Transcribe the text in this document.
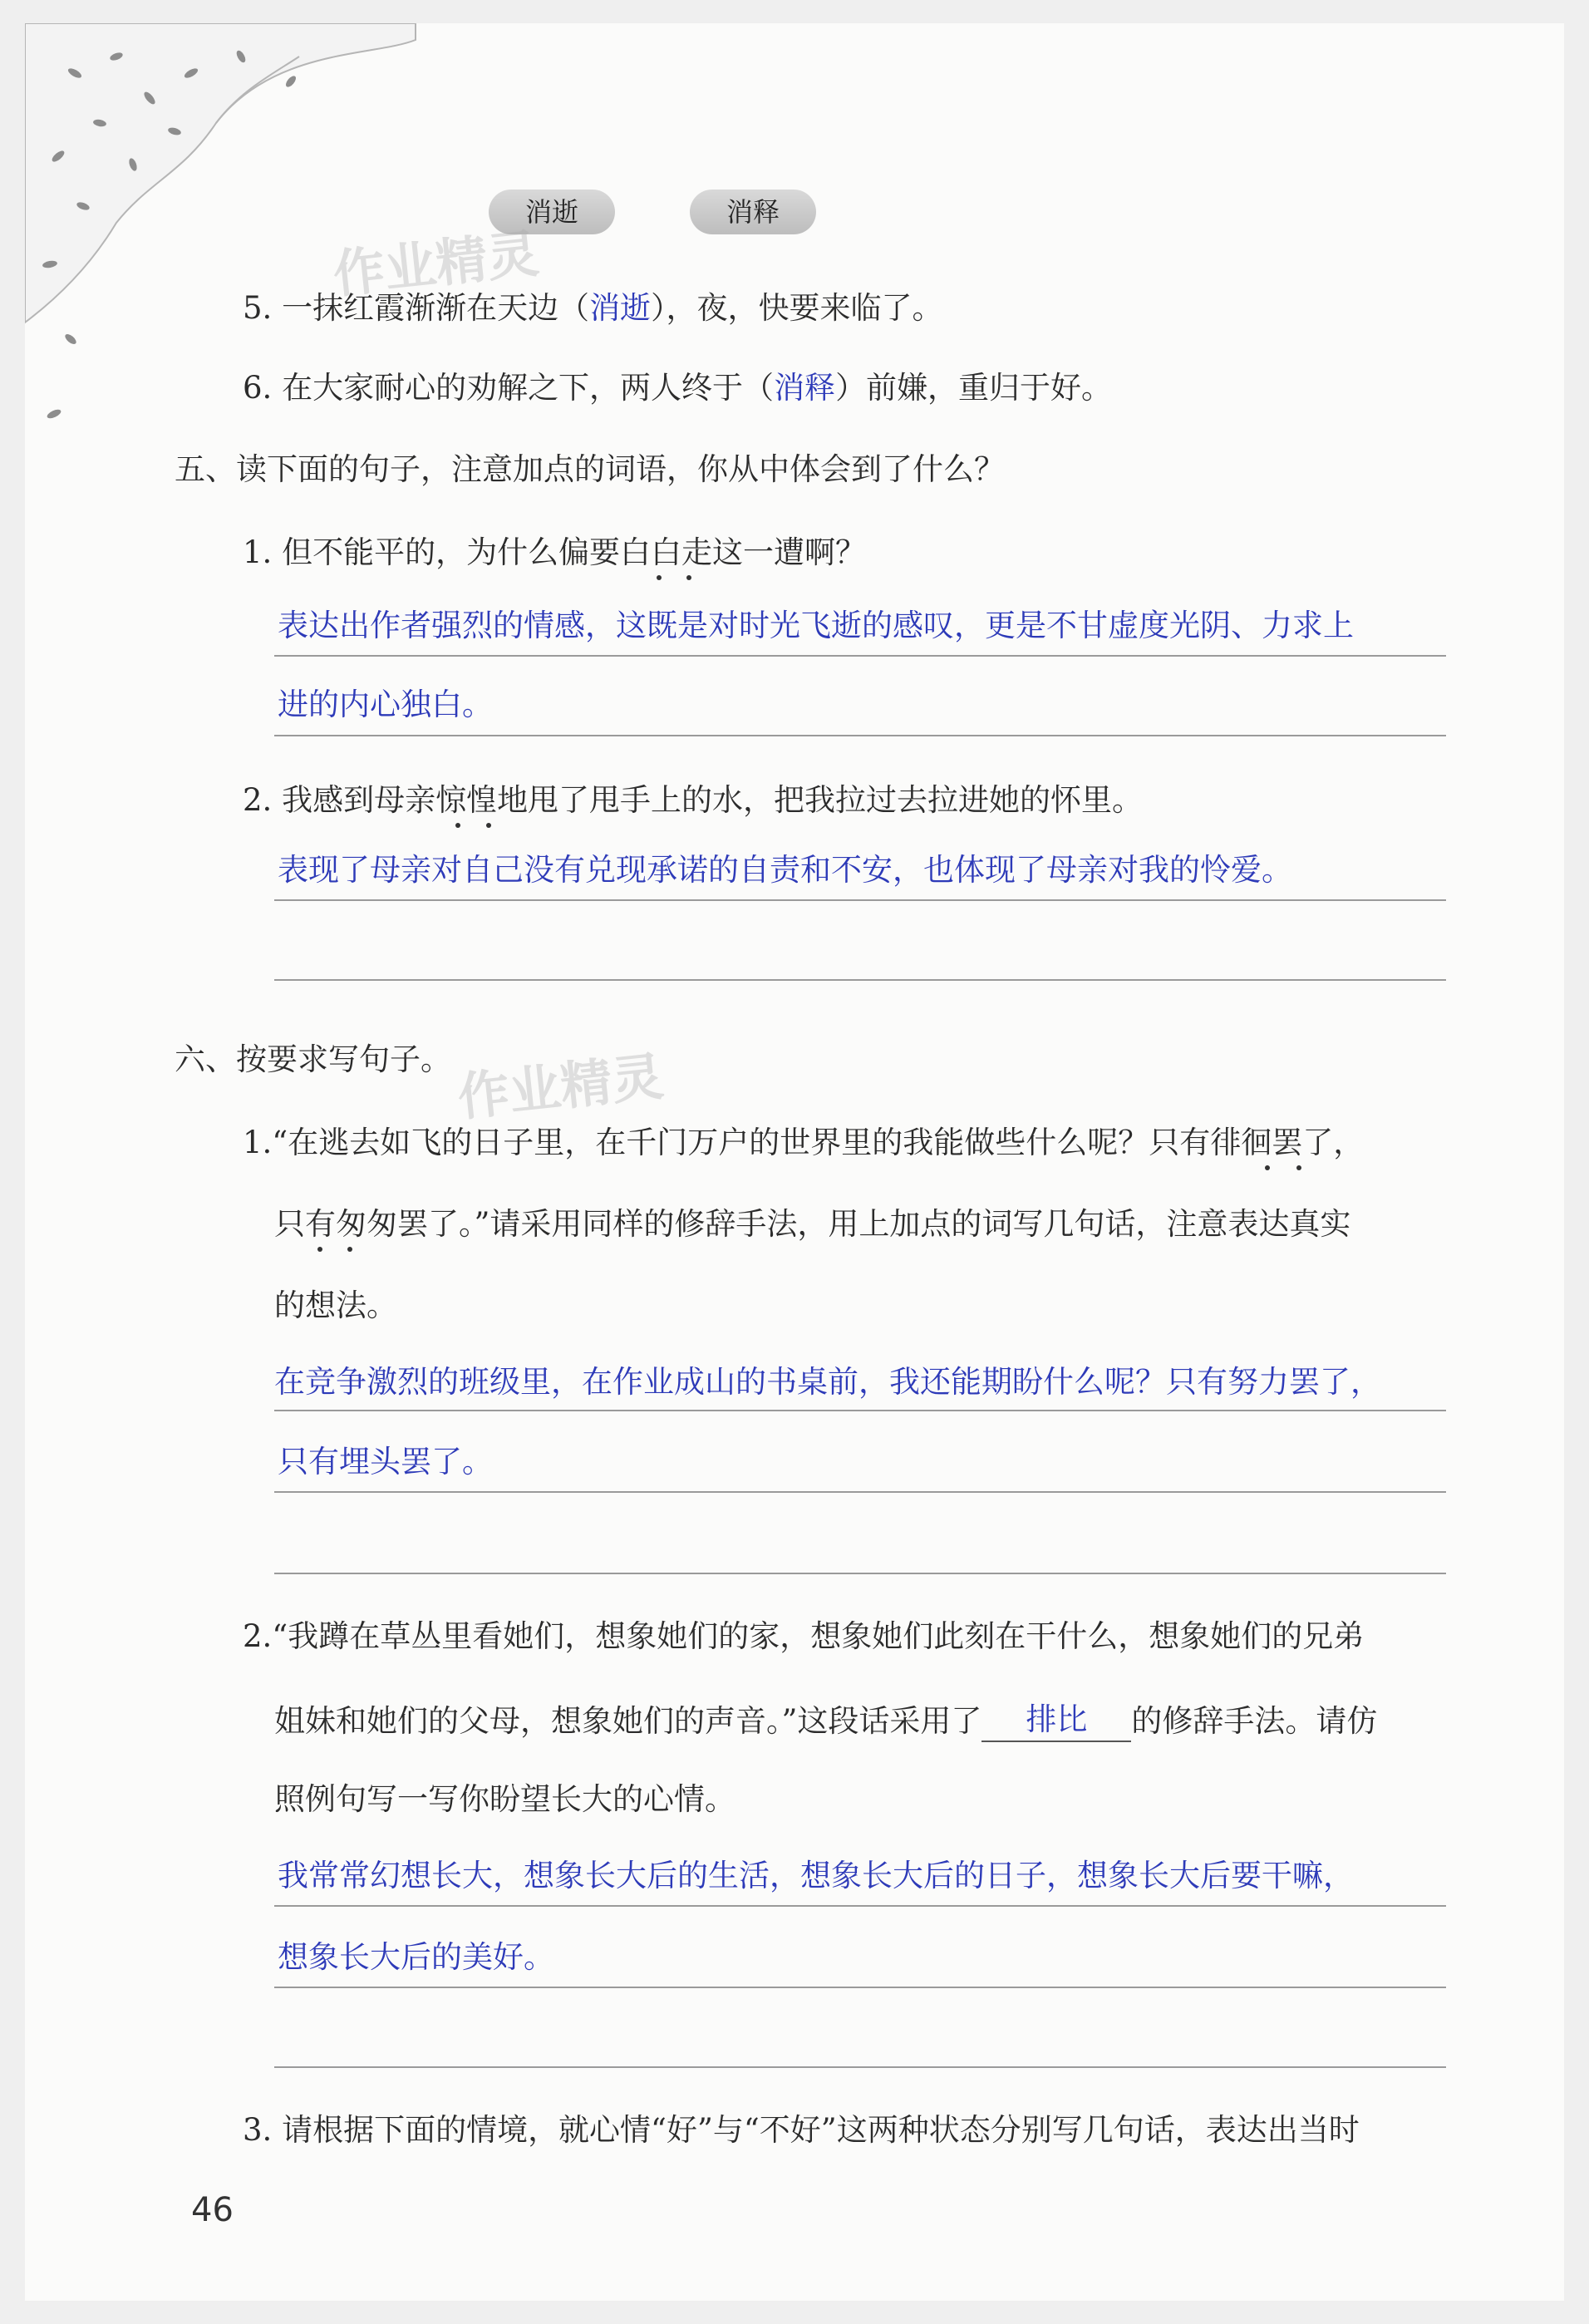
消逝	消释
作业精灵
作业精灵
5. 一抹红霞渐渐在天边（消逝），夜，快要来临了。
6. 在大家耐心的劝解之下，两人终于（消释）前嫌，重归于好。
五、读下面的句子，注意加点的词语，你从中体会到了什么？
1. 但不能平的，为什么偏要白白走这一遭啊？
表达出作者强烈的情感，这既是对时光飞逝的感叹，更是不甘虚度光阴、力求上
进的内心独白。
2. 我感到母亲惊惶地甩了甩手上的水，把我拉过去拉进她的怀里。
表现了母亲对自己没有兑现承诺的自责和不安，也体现了母亲对我的怜爱。
六、按要求写句子。
1.“在逃去如飞的日子里，在千门万户的世界里的我能做些什么呢？只有徘徊罢了，
只有匆匆罢了。”请采用同样的修辞手法，用上加点的词写几句话，注意表达真实
的想法。
在竞争激烈的班级里，在作业成山的书桌前，我还能期盼什么呢？只有努力罢了，
只有埋头罢了。
2.“我蹲在草丛里看她们，想象她们的家，想象她们此刻在干什么，想象她们的兄弟
姐妹和她们的父母，想象她们的声音。”这段话采用了 排比 的修辞手法。请仿
照例句写一写你盼望长大的心情。
我常常幻想长大，想象长大后的生活，想象长大后的日子，想象长大后要干嘛，
想象长大后的美好。
3. 请根据下面的情境，就心情“好”与“不好”这两种状态分别写几句话，表达出当时
46
